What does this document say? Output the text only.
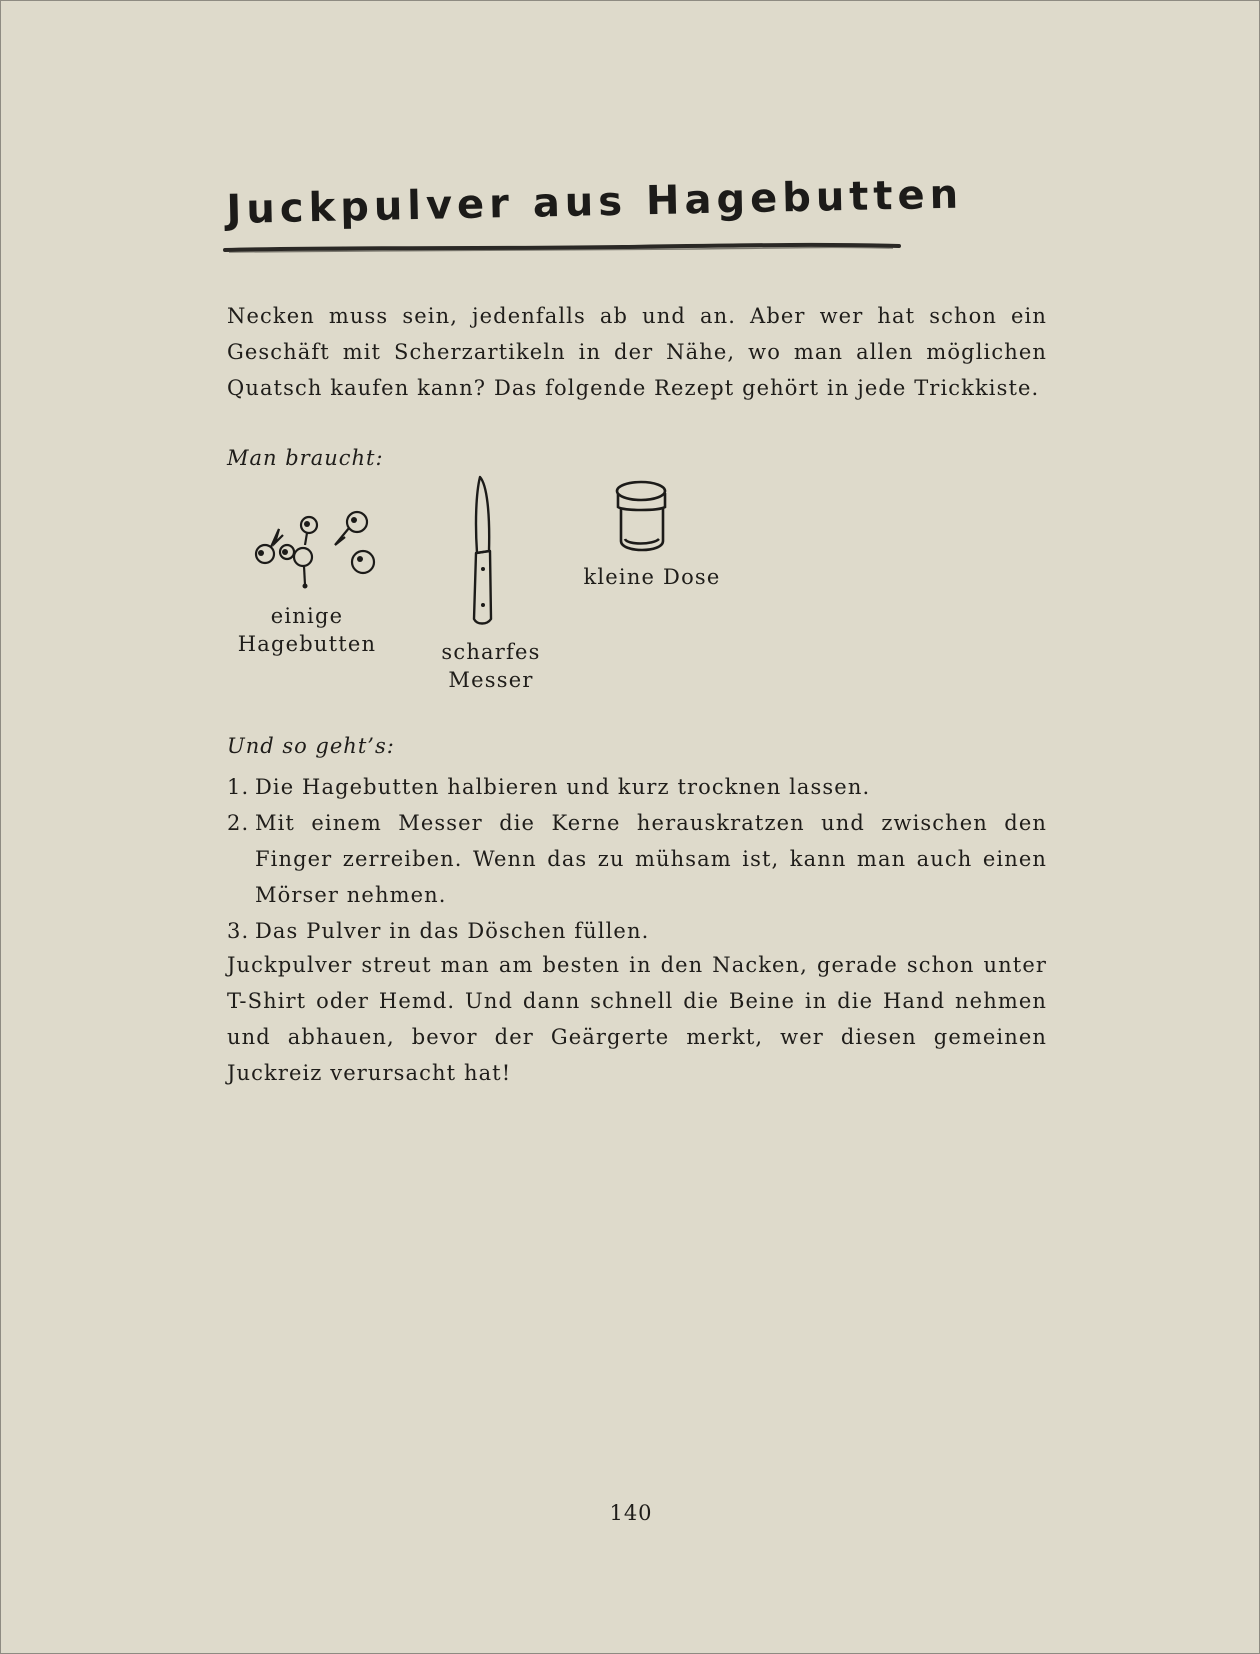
Juckpulver aus Hagebutten

Necken muss sein, jedenfalls ab und an. Aber wer hat schon ein Geschäft mit Scherzartikeln in der Nähe, wo man allen möglichen Quatsch kaufen kann? Das folgende Rezept gehört in jede Trickkiste.

Man braucht:

einige
Hagebutten	scharfes
Messer

kleine Dose

Und so geht’s:

1. Die Hagebutten halbieren und kurz trocknen lassen.
2. Mit einem Messer die Kerne herauskratzen und zwischen den Finger zerreiben. Wenn das zu mühsam ist, kann man auch einen Mörser nehmen.
3. Das Pulver in das Döschen füllen.

Juckpulver streut man am besten in den Nacken, gerade schon unter T-Shirt oder Hemd. Und dann schnell die Beine in die Hand nehmen und abhauen, bevor der Geärgerte merkt, wer diesen gemeinen Juckreiz verursacht hat!

140
